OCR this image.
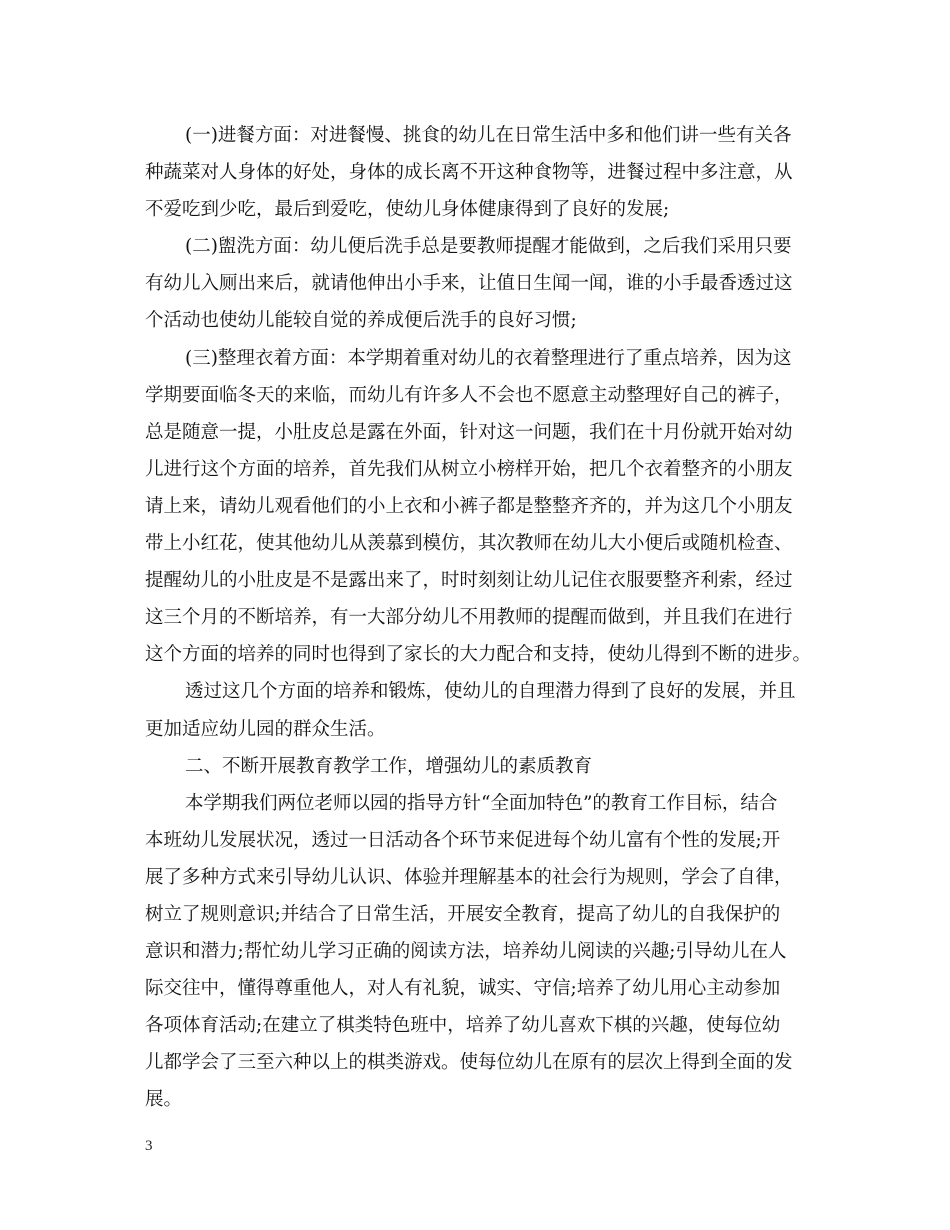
(一)进餐方面：对进餐慢、挑食的幼儿在日常生活中多和他们讲一些有关各
种蔬菜对人身体的好处，身体的成长离不开这种食物等，进餐过程中多注意，从
不爱吃到少吃，最后到爱吃，使幼儿身体健康得到了良好的发展;
(二)盥洗方面：幼儿便后洗手总是要教师提醒才能做到，之后我们采用只要
有幼儿入厕出来后，就请他伸出小手来，让值日生闻一闻，谁的小手最香透过这
个活动也使幼儿能较自觉的养成便后洗手的良好习惯;
(三)整理衣着方面：本学期着重对幼儿的衣着整理进行了重点培养，因为这
学期要面临冬天的来临，而幼儿有许多人不会也不愿意主动整理好自己的裤子，
总是随意一提，小肚皮总是露在外面，针对这一问题，我们在十月份就开始对幼
儿进行这个方面的培养，首先我们从树立小榜样开始，把几个衣着整齐的小朋友
请上来，请幼儿观看他们的小上衣和小裤子都是整整齐齐的，并为这几个小朋友
带上小红花，使其他幼儿从羡慕到模仿，其次教师在幼儿大小便后或随机检查、
提醒幼儿的小肚皮是不是露出来了，时时刻刻让幼儿记住衣服要整齐利索，经过
这三个月的不断培养，有一大部分幼儿不用教师的提醒而做到，并且我们在进行
这个方面的培养的同时也得到了家长的大力配合和支持，使幼儿得到不断的进步。
透过这几个方面的培养和锻炼，使幼儿的自理潜力得到了良好的发展，并且
更加适应幼儿园的群众生活。
二、不断开展教育教学工作，增强幼儿的素质教育
本学期我们两位老师以园的指导方针“全面加特色”的教育工作目标，结合
本班幼儿发展状况，透过一日活动各个环节来促进每个幼儿富有个性的发展;开
展了多种方式来引导幼儿认识、体验并理解基本的社会行为规则，学会了自律，
树立了规则意识;并结合了日常生活，开展安全教育，提高了幼儿的自我保护的
意识和潜力;帮忙幼儿学习正确的阅读方法，培养幼儿阅读的兴趣;引导幼儿在人
际交往中，懂得尊重他人，对人有礼貌，诚实、守信;培养了幼儿用心主动参加
各项体育活动;在建立了棋类特色班中，培养了幼儿喜欢下棋的兴趣，使每位幼
儿都学会了三至六种以上的棋类游戏。使每位幼儿在原有的层次上得到全面的发
展。
3
